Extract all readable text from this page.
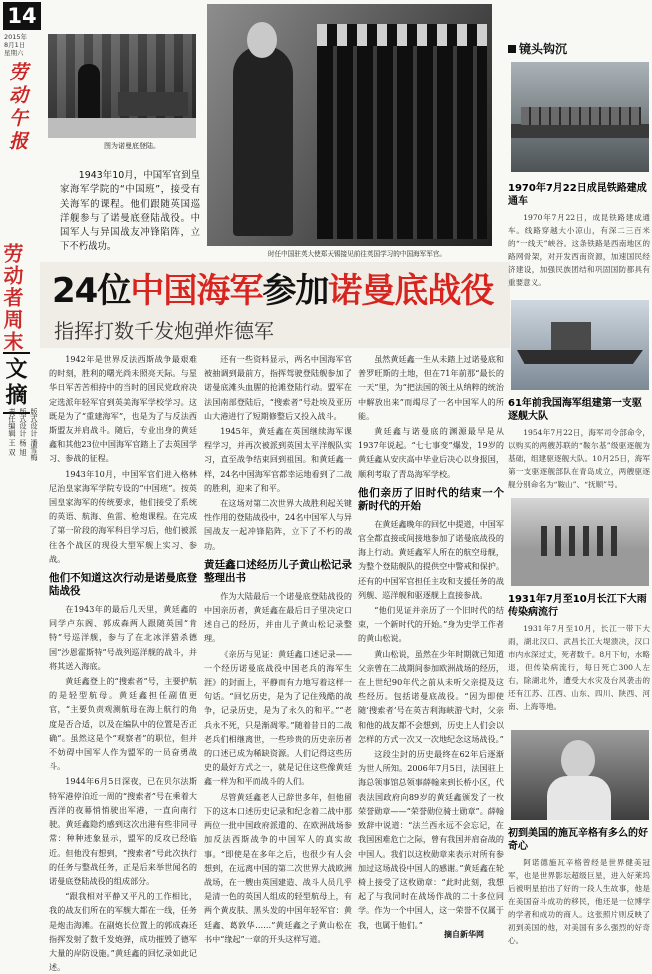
14
2015年
8月1日
星期六
劳动午报
劳动者周末
文摘
版式设计 潘雪梅
版式设计 杨 旭
责任编辑 王 双
图为诺曼底登陆。
1943年10月，中国军官到皇家海军学院的“中国班”，接受有关海军的课程。他们跟随英国巡洋舰参与了诺曼底登陆战役。中国军人与异国战友冲锋陷阵，立下不朽战功。
时任中国驻英大使郑天锡接见前往英国学习的中国海军军官。
24位中国海军参加诺曼底战役
指挥打数千发炮弹炸德军

1942年是世界反法西斯战争最艰难的时刻，胜利的曙光尚未照亮天际。与星华日军苦苦相持中的当时的国民党政府决定选派年轻军官到英美海军学校学习。这既是为了“重建海军”，也是为了与反法西斯盟友并肩战斗。随后，专业出身的黄廷鑫和其他23位中国海军官踏上了去英国学习、参战的征程。

1943年10月，中国军官们进入格林尼治皇家海军学院专设的“中国班”。按英国皇家海军的传统要求，他们接受了系统的英语、航海、鱼雷、枪炮课程。在完成了第一阶段的海军科目学习后，他们被派往各个战区的现役大型军舰上实习、参战。

他们不知道这次行动是诺曼底登陆战役

在1943年的最后几天里，黄廷鑫的同学卢东阁、郭成森两人跟随英国“肯特”号巡洋舰，参与了在北冰洋猎杀德国“沙恩霍斯特”号战列巡洋舰的战斗，并将其送入海底。

黄廷鑫登上的“搜索者”号，主要护航的是轻型航母。黄廷鑫担任副值更官，“主要负责观测航母在海上航行的角度是否合适，以及在编队中的位置是否正确”。虽然这是个“观察者”的职位，但并不妨碍中国军人作为盟军的一员奋勇战斗。

1944年6月5日深夜，已在贝尔法斯特军港停泊近一周的“搜索者”号在乘着大西洋的夜幕悄悄驶出军港，一直向南行驶。黄廷鑫隐约感到这次出港有些非同寻常：种种迹象显示，盟军的反攻已经临近。但他没有想到，“搜索者”号此次执行的任务与整战任务，正是后来举世闻名的诺曼底登陆战役的组成部分。

“跟我相对平静又平凡的工作相比，我的战友们所在的军舰大都在一线，任务是炮击海滩。在副炮长位置上的郭成森还指挥发射了数千发炮弹，成功摧毁了德军大量的岸防设施。”黄廷鑫的回忆录如此记述。

还有一些资料显示，两名中国海军官被抽调到最前方，指挥驾驶登陆舰参加了诺曼底滩头血腥的抢滩登陆行动。盟军在法国南部登陆后，“搜索者”号赴埃及亚历山大港进行了短期修整后又投入战斗。

1945年，黄廷鑫在英国继续海军课程学习，并再次被派到英国太平洋舰队实习，直至战争结束回到祖国。和黄廷鑫一样，24名中国海军官都幸运地看到了二战的胜利，迎来了和平。

在这场对第二次世界大战胜利起关键性作用的登陆战役中，24名中国军人与异国战友一起冲锋陷阵，立下了不朽的战功。

黄廷鑫口述经历儿子黄山松记录整理出书

作为大陆最后一个诺曼底登陆战役的中国亲历者，黄廷鑫在最后日子里决定口述自己的经历，并由儿子黄山松记录整理。

《亲历与见证：黄廷鑫口述记录——一个经历诺曼底战役中国老兵的海军生涯》的封面上，平静而有力地写着这样一句话。“回忆历史，是为了记住残酷的战争，记录历史，是为了永久的和平。”“老兵永不死，只是渐凋零。”随着昔日的二战老兵们相继离世，一些珍贵的历史亲历者的口述已成为稀缺资源。人们记得这些历史的最好方式之一，就是记住这些像黄廷鑫一样为和平而战斗的人们。

尽管黄廷鑫老人已辞世多年，但他留下的这本口述历史记录和纪念着二战中那两位一批中国政府派遣的、在欧洲战场参加反法西斯战争的中国军人的真实故事。“即使是在多年之后，也很少有人会想到，在远离中国的第二次世界大战欧洲战场，在一艘由英国建造、战斗人员几乎是清一色的英国人组成的轻型航母上，有两个黄皮肤、黑头发的中国年轻军官：黄廷鑫、葛敦华……”黄廷鑫之子黄山松在书中“缘起”一章的开头这样写道。

虽然黄廷鑫一生从未踏上过诺曼底和普罗旺斯的土地，但在71年前那“最长的一天”里，为“把法国的领土从纳粹的统治中解放出来”而竭尽了一名中国军人的所能。

黄廷鑫与诺曼底的渊源最早是从1937年说起。“七七事变”爆发，19岁的黄廷鑫从安庆高中毕业后决心以身报国，顺利考取了青岛海军学校。

他们亲历了旧时代的结束一个新时代的开始

在黄廷鑫晚年的回忆中提道，中国军官全都直接或间接地参加了诺曼底战役的海上行动。黄廷鑫军人所在的航空母舰，为整个登陆舰队的提供空中警戒和保护。还有的中国军官担任主攻和支援任务的战列舰、巡洋舰和驱逐舰上直接参战。

“他们见证并亲历了一个旧时代的结束，一个新时代的开始。”身为史学工作者的黄山松说。

黄山松说，虽然在少年时期就已知道父亲曾在二战期间参加欧洲战场的经历，在上世纪90年代之前从未听父亲提及这些经历。包括诺曼底战役。“因为即使随‘搜索者’号在英吉利海峡游弋时，父亲和他的战友都不会想到，历史上人们会以怎样的方式一次又一次地纪念这场战役。”

这段尘封的历史最终在62年后逐渐为世人所知。2006年7月5日，法国驻上海总领事馆总领事薛翰来到长桥小区，代表法国政府向89岁的黄廷鑫颁发了一枚荣誉勋章——“荣誉勋位骑士勋章”。薛翰致辞中说道：“法兰西永远不会忘记，在我国困难危亡之际，曾有我国并肩奋战的中国人。我们以这枚勋章来表示对所有参加过这场战役中国人的感谢。”黄廷鑫在轮椅上接受了这枚勋章：“此时此刻，我想起了与我同时在战场作战的二十多位同学。作为一个中国人，这一荣誉不仅属于我，也属于他们。”

摘自新华网
镜头钩沉
1970年7月22日成昆铁路建成通车
1970年7月22日，成昆铁路建成通车。线路穿越大小凉山，有深二三百米的“一线天”峡谷。这条铁路是西南地区的路网骨架，对开发西南资源，加速国民经济建设，加强民族团结和巩固国防都具有重要意义。
61年前我国海军组建第一支驱逐舰大队
1954年7月22日，海军司令部命令，以购买的两艘苏联的“鞍尔基”级驱逐舰为基础，组建驱逐舰大队。10月25日，海军第一支驱逐舰部队在青岛成立，两艘驱逐舰分别命名为“鞍山”、“抚顺”号。
1931年7月至10月长江下大雨传染病流行
1931年7月至10月，长江一带下大雨，湖北汉口、武昌长江大堤溃决，汉口市内水深过丈，死者数千。8月下旬，水略退，但传染病流行，每日死亡300人左右，除湖北外，遭受大水灾及台风袭击的还有江苏、江西、山东、四川、陕西、河南、上海等地。
初到美国的施瓦辛格有多么的好奇心
阿诺德施瓦辛格曾经是世界健美冠军，也是世界影坛超级巨星，进入好莱坞后被明星拍出了好的一段人生故事，他是在美国奋斗成功的移民，他还是一位博学的学者和成功的商人。这张照片则反映了初到美国的他，对美国有多么强烈的好奇心。
